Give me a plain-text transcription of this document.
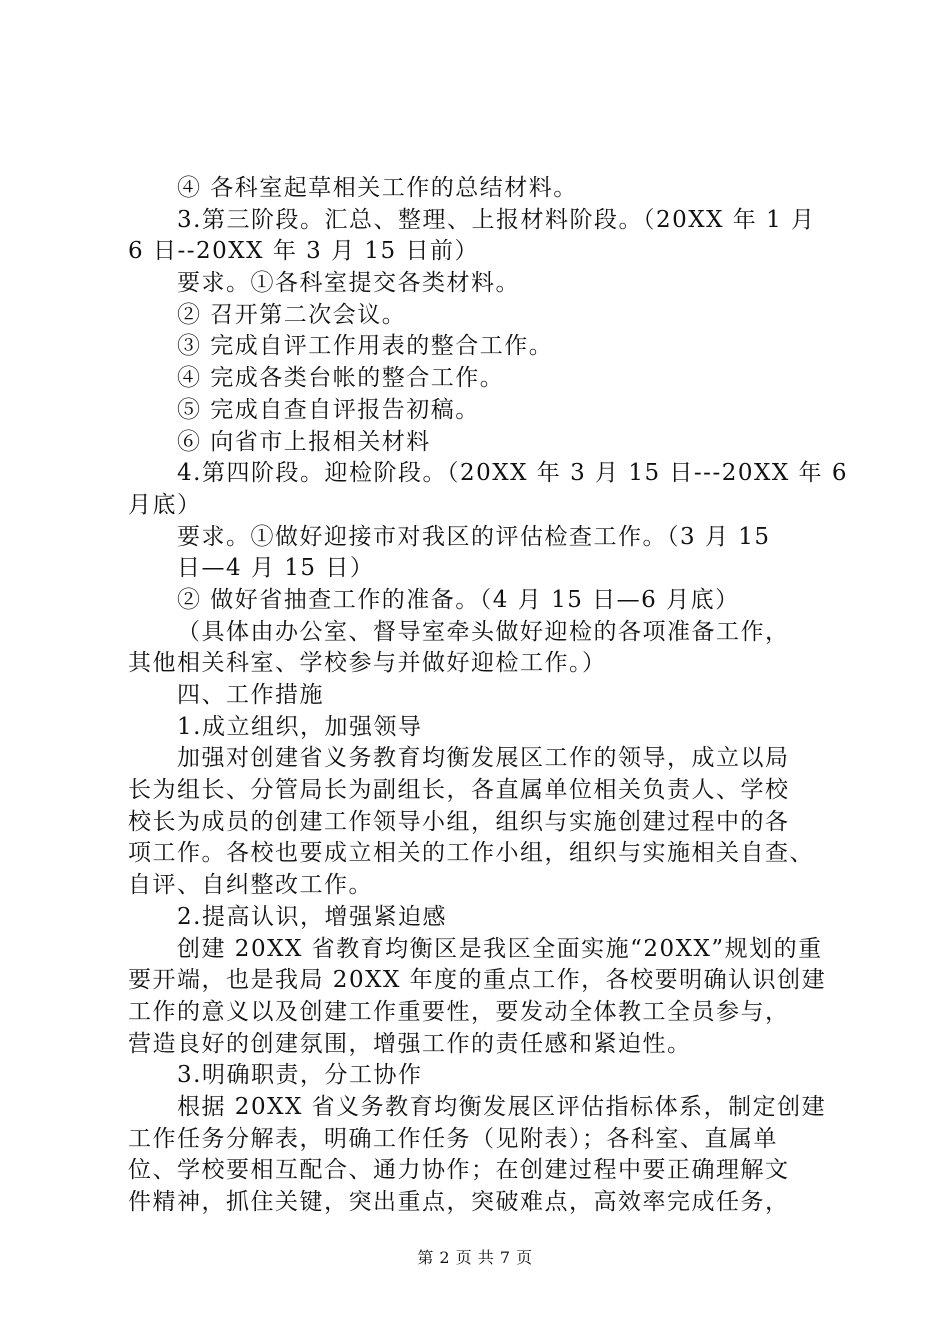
④ 各科室起草相关工作的总结材料。
3.第三阶段。汇总、整理、上报材料阶段。（20XX 年 1 月
6 日--20XX 年 3 月 15 日前）
要求。①各科室提交各类材料。
② 召开第二次会议。
③ 完成自评工作用表的整合工作。
④ 完成各类台帐的整合工作。
⑤ 完成自查自评报告初稿。
⑥ 向省市上报相关材料
4.第四阶段。迎检阶段。（20XX 年 3 月 15 日---20XX 年 6
月底）
要求。①做好迎接市对我区的评估检查工作。（3 月 15
日—4 月 15 日）
② 做好省抽查工作的准备。（4 月 15 日—6 月底）
（具体由办公室、督导室牵头做好迎检的各项准备工作，
其他相关科室、学校参与并做好迎检工作。）
四、工作措施
1.成立组织，加强领导
加强对创建省义务教育均衡发展区工作的领导，成立以局
长为组长、分管局长为副组长，各直属单位相关负责人、学校
校长为成员的创建工作领导小组，组织与实施创建过程中的各
项工作。各校也要成立相关的工作小组，组织与实施相关自查、
自评、自纠整改工作。
2.提高认识，增强紧迫感
创建 20XX 省教育均衡区是我区全面实施“20XX”规划的重
要开端，也是我局 20XX 年度的重点工作，各校要明确认识创建
工作的意义以及创建工作重要性，要发动全体教工全员参与，
营造良好的创建氛围，增强工作的责任感和紧迫性。
3.明确职责，分工协作
根据 20XX 省义务教育均衡发展区评估指标体系，制定创建
工作任务分解表，明确工作任务（见附表）；各科室、直属单
位、学校要相互配合、通力协作；在创建过程中要正确理解文
件精神，抓住关键，突出重点，突破难点，高效率完成任务，
第 2 页 共 7 页
